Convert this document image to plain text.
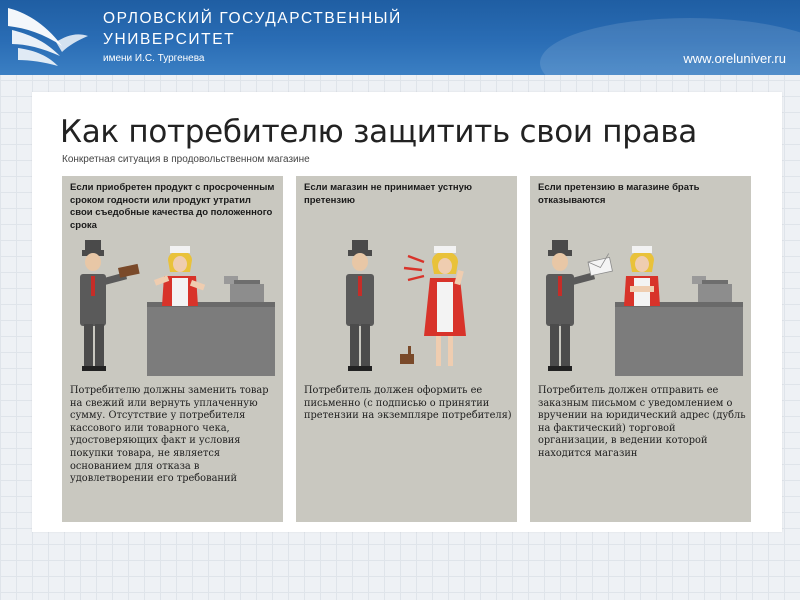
ОРЛОВСКИЙ ГОСУДАРСТВЕННЫЙ
УНИВЕРСИТЕТ
имени И.С. Тургенева	www.oreluniver.ru
Как потребителю защитить свои права
Конкретная ситуация в продовольственном магазине
Если приобретен продукт с просроченным сроком годности или продукт утратил свои съедобные качества до положенного срока
Потребителю должны заменить товар на свежий или вернуть уплаченную сумму. Отсутствие у потребителя кассового или товарного чека, удостоверяющих факт и условия покупки товара, не является основанием для отказа в удовлетворении его требований
Если магазин не принимает устную претензию
Потребитель должен оформить ее письменно (с подписью о принятии претензии на экземпляре потребителя)
Если претензию в магазине брать отказываются
Потребитель должен отправить ее заказным письмом с уведомлением о вручении на юридический адрес (дубль на фактический) торговой организации, в ведении которой находится магазин
